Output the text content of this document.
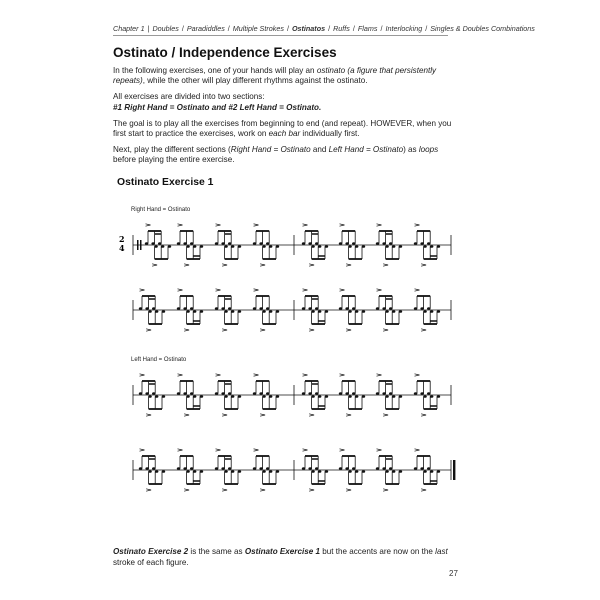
Chapter 1 | Doubles / Paradiddles / Multiple Strokes / Ostinatos / Ruffs / Flams / Interlocking / Singles & Doubles Combinations
Ostinato / Independence Exercises
In the following exercises, one of your hands will play an ostinato (a figure that persistently repeats), while the other will play different rhythms against the ostinato.
All exercises are divided into two sections:
#1 Right Hand = Ostinato and #2 Left Hand = Ostinato.
The goal is to play all the exercises from beginning to end (and repeat). HOWEVER, when you first start to practice the exercises, work on each bar individually first.
Next, play the different sections (Right Hand = Ostinato and Left Hand = Ostinato) as loops before playing the entire exercise.
Ostinato Exercise 1
Right Hand = Ostinato
Left Hand = Ostinato
2
4
Ostinato Exercise 2 is the same as Ostinato Exercise 1 but the accents are now on the last stroke of each figure.
27
